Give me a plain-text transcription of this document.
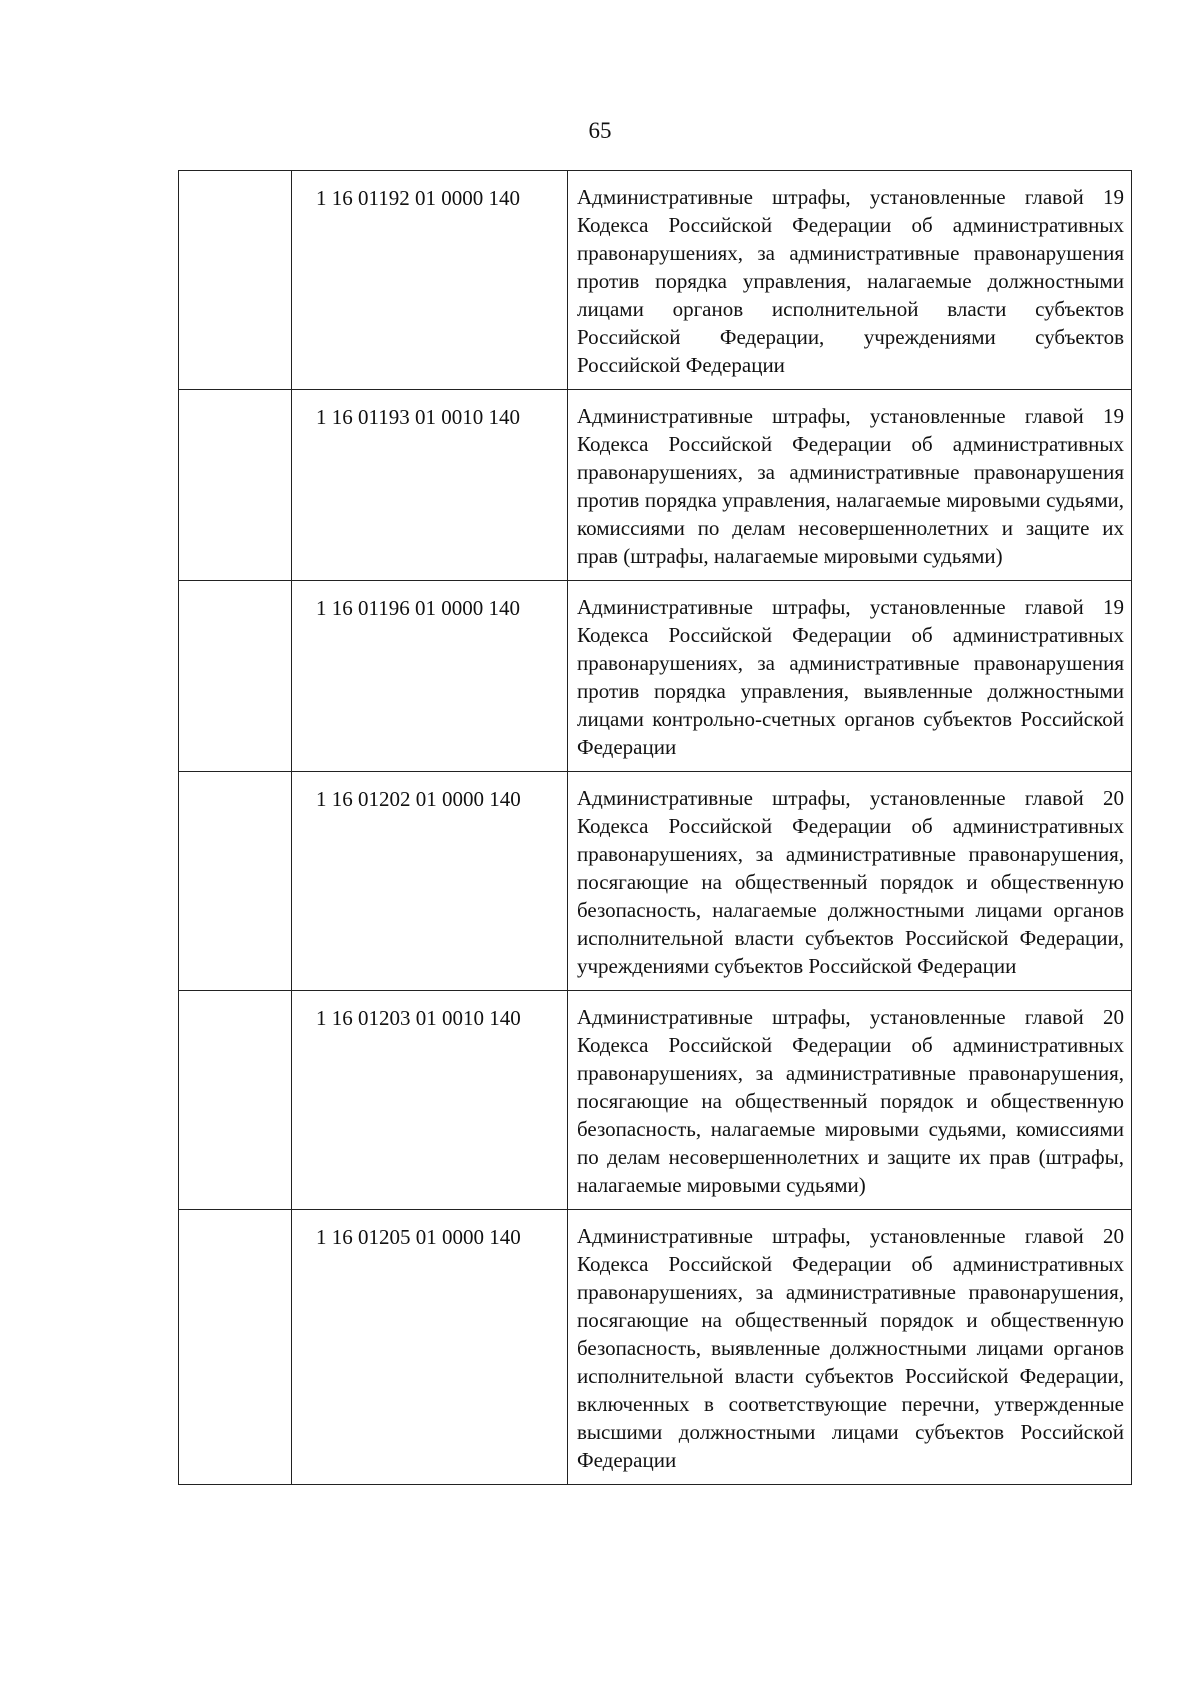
65
	1 16 01192 01 0000 140	Административные штрафы, установленные главой 19 Кодекса Российской Федерации об административных правонарушениях, за административные правонарушения против порядка управления, налагаемые должностными лицами органов исполнительной власти субъектов Российской Федерации, учреждениями субъектов Российской Федерации
	1 16 01193 01 0010 140	Административные штрафы, установленные главой 19 Кодекса Российской Федерации об административных правонарушениях, за административные правонарушения против порядка управления, налагаемые мировыми судьями, комиссиями по делам несовершеннолетних и защите их прав (штрафы, налагаемые мировыми судьями)
	1 16 01196 01 0000 140	Административные штрафы, установленные главой 19 Кодекса Российской Федерации об административных правонарушениях, за административные правонарушения против порядка управления, выявленные должностными лицами контрольно-счетных органов субъектов Российской Федерации
	1 16 01202 01 0000 140	Административные штрафы, установленные главой 20 Кодекса Российской Федерации об административных правонарушениях, за административные правонарушения, посягающие на общественный порядок и общественную безопасность, налагаемые должностными лицами органов исполнительной власти субъектов Российской Федерации, учреждениями субъектов Российской Федерации
	1 16 01203 01 0010 140	Административные штрафы, установленные главой 20 Кодекса Российской Федерации об административных правонарушениях, за административные правонарушения, посягающие на общественный порядок и общественную безопасность, налагаемые мировыми судьями, комиссиями по делам несовершеннолетних и защите их прав (штрафы, налагаемые мировыми судьями)
	1 16 01205 01 0000 140	Административные штрафы, установленные главой 20 Кодекса Российской Федерации об административных правонарушениях, за административные правонарушения, посягающие на общественный порядок и общественную безопасность, выявленные должностными лицами органов исполнительной власти субъектов Российской Федерации, включенных в соответствующие перечни, утвержденные высшими должностными лицами субъектов Российской Федерации
